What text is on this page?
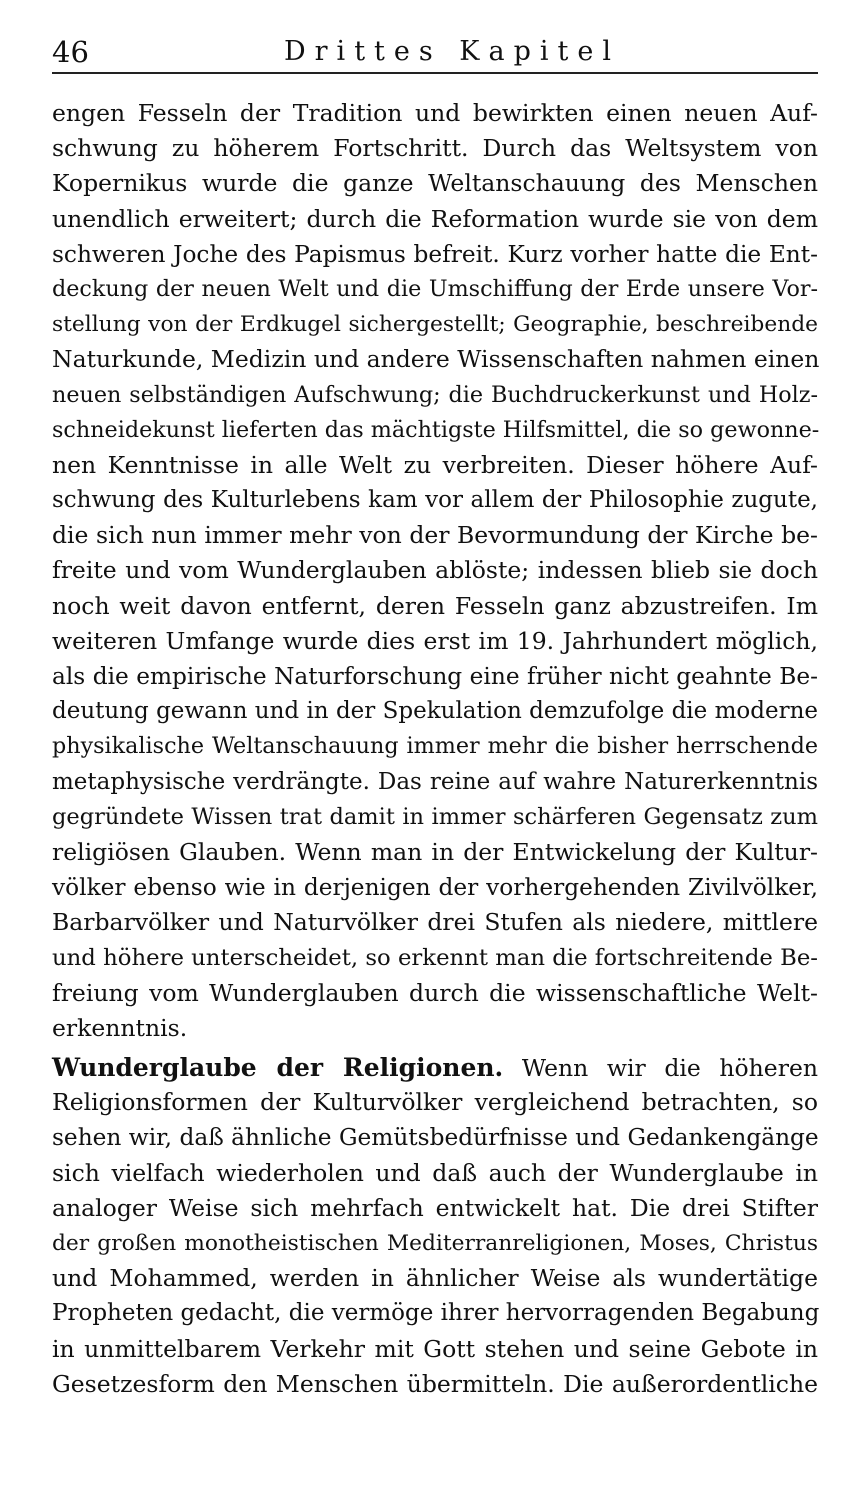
46	Drittes Kapitel
engen Fesseln der Tradition und bewirkten einen neuen Auf-
schwung zu höherem Fortschritt. Durch das Weltsystem von
Kopernikus wurde die ganze Weltanschauung des Menschen
unendlich erweitert; durch die Reformation wurde sie von dem
schweren Joche des Papismus befreit. Kurz vorher hatte die Ent-
deckung der neuen Welt und die Umschiffung der Erde unsere Vor-
stellung von der Erdkugel sichergestellt; Geographie, beschreibende
Naturkunde, Medizin und andere Wissenschaften nahmen einen
neuen selbständigen Aufschwung; die Buchdruckerkunst und Holz-
schneidekunst lieferten das mächtigste Hilfsmittel, die so gewonne-
nen Kenntnisse in alle Welt zu verbreiten. Dieser höhere Auf-
schwung des Kulturlebens kam vor allem der Philosophie zugute,
die sich nun immer mehr von der Bevormundung der Kirche be-
freite und vom Wunderglauben ablöste; indessen blieb sie doch
noch weit davon entfernt, deren Fesseln ganz abzustreifen. Im
weiteren Umfange wurde dies erst im 19. Jahrhundert möglich,
als die empirische Naturforschung eine früher nicht geahnte Be-
deutung gewann und in der Spekulation demzufolge die moderne
physikalische Weltanschauung immer mehr die bisher herrschende
metaphysische verdrängte. Das reine auf wahre Naturerkenntnis
gegründete Wissen trat damit in immer schärferen Gegensatz zum
religiösen Glauben. Wenn man in der Entwickelung der Kultur-
völker ebenso wie in derjenigen der vorhergehenden Zivilvölker,
Barbarvölker und Naturvölker drei Stufen als niedere, mittlere
und höhere unterscheidet, so erkennt man die fortschreitende Be-
freiung vom Wunderglauben durch die wissenschaftliche Welt-
erkenntnis.
Wunderglaube der Religionen. Wenn wir die höheren
Religionsformen der Kulturvölker vergleichend betrachten, so
sehen wir, daß ähnliche Gemütsbedürfnisse und Gedankengänge
sich vielfach wiederholen und daß auch der Wunderglaube in
analoger Weise sich mehrfach entwickelt hat. Die drei Stifter
der großen monotheistischen Mediterranreligionen, Moses, Christus
und Mohammed, werden in ähnlicher Weise als wundertätige
Propheten gedacht, die vermöge ihrer hervorragenden Begabung
in unmittelbarem Verkehr mit Gott stehen und seine Gebote in
Gesetzesform den Menschen übermitteln. Die außerordentliche
